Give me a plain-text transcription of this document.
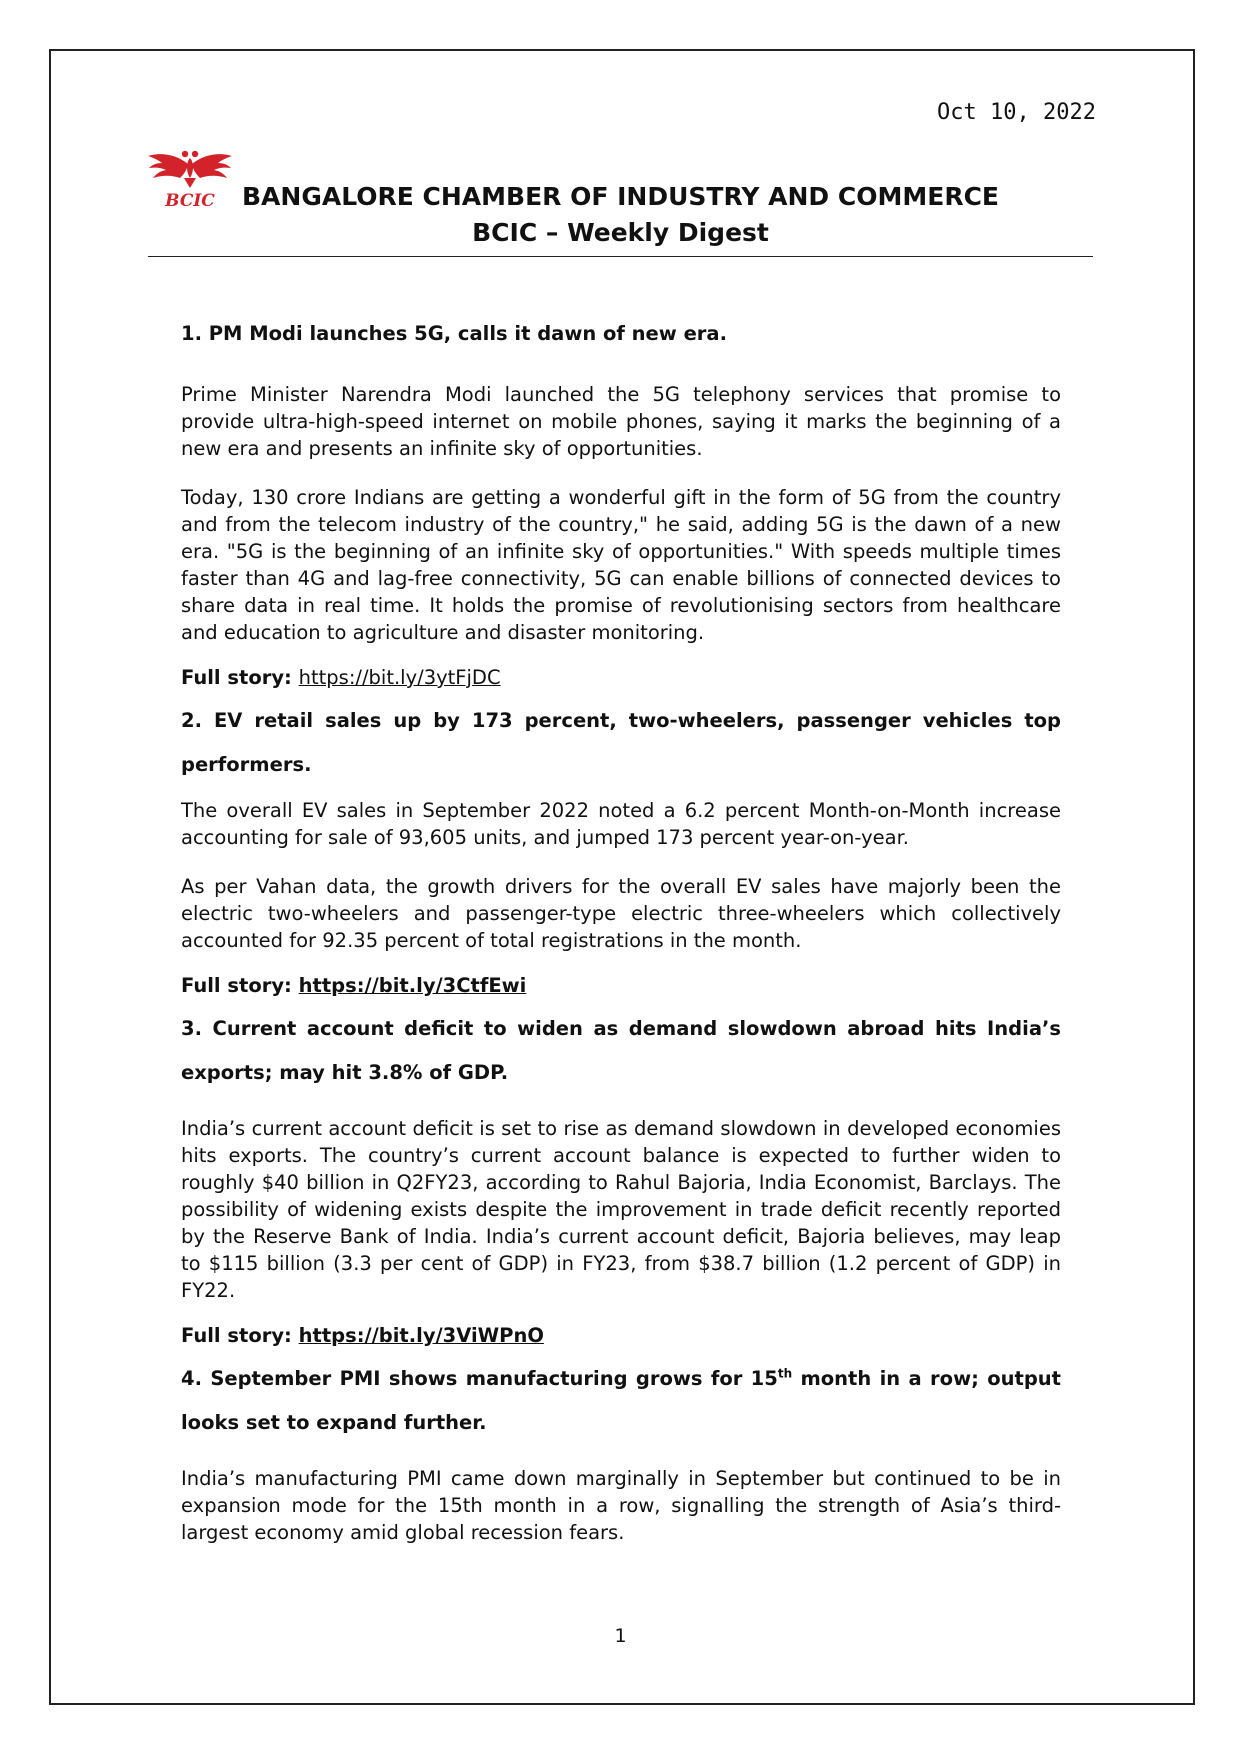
Oct 10, 2022
BCIC	BANGALORE CHAMBER OF INDUSTRY AND COMMERCE
BCIC – Weekly Digest

1. PM Modi launches 5G, calls it dawn of new era.

Prime Minister Narendra Modi launched the 5G telephony services that promise to provide ultra-high-speed internet on mobile phones, saying it marks the beginning of a new era and presents an infinite sky of opportunities.

Today, 130 crore Indians are getting a wonderful gift in the form of 5G from the country and from the telecom industry of the country," he said, adding 5G is the dawn of a new era. "5G is the beginning of an infinite sky of opportunities." With speeds multiple times faster than 4G and lag-free connectivity, 5G can enable billions of connected devices to share data in real time. It holds the promise of revolutionising sectors from healthcare and education to agriculture and disaster monitoring.

Full story: https://bit.ly/3ytFjDC

2. EV retail sales up by 173 percent, two-wheelers, passenger vehicles top performers.

The overall EV sales in September 2022 noted a 6.2 percent Month-on-Month increase accounting for sale of 93,605 units, and jumped 173 percent year-on-year.

As per Vahan data, the growth drivers for the overall EV sales have majorly been the electric two-wheelers and passenger-type electric three-wheelers which collectively accounted for 92.35 percent of total registrations in the month.

Full story: https://bit.ly/3CtfEwi

3. Current account deficit to widen as demand slowdown abroad hits India’s exports; may hit 3.8% of GDP.

India’s current account deficit is set to rise as demand slowdown in developed economies hits exports. The country’s current account balance is expected to further widen to roughly $40 billion in Q2FY23, according to Rahul Bajoria, India Economist, Barclays. The possibility of widening exists despite the improvement in trade deficit recently reported by the Reserve Bank of India. India’s current account deficit, Bajoria believes, may leap to $115 billion (3.3 per cent of GDP) in FY23, from $38.7 billion (1.2 percent of GDP) in FY22.

Full story: https://bit.ly/3ViWPnO

4. September PMI shows manufacturing grows for 15th month in a row; output looks set to expand further.

India’s manufacturing PMI came down marginally in September but continued to be in expansion mode for the 15th month in a row, signalling the strength of Asia’s third-largest economy amid global recession fears.

1
